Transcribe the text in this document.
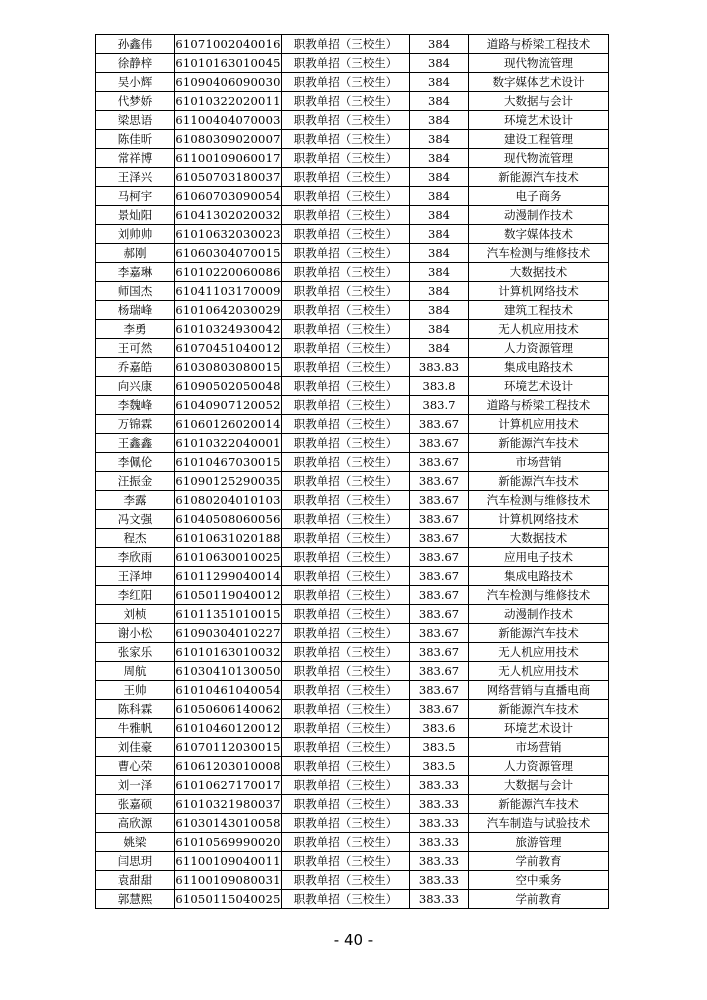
孙鑫伟	61071002040016	职教单招（三校生）	384	道路与桥梁工程技术
徐静梓	61010163010045	职教单招（三校生）	384	现代物流管理
吴小辉	61090406090030	职教单招（三校生）	384	数字媒体艺术设计
代梦娇	61010322020011	职教单招（三校生）	384	大数据与会计
梁思语	61100404070003	职教单招（三校生）	384	环境艺术设计
陈佳昕	61080309020007	职教单招（三校生）	384	建设工程管理
常祥博	61100109060017	职教单招（三校生）	384	现代物流管理
王泽兴	61050703180037	职教单招（三校生）	384	新能源汽车技术
马柯宇	61060703090054	职教单招（三校生）	384	电子商务
景灿阳	61041302020032	职教单招（三校生）	384	动漫制作技术
刘帅帅	61010632030023	职教单招（三校生）	384	数字媒体技术
郝刚	61060304070015	职教单招（三校生）	384	汽车检测与维修技术
李嘉琳	61010220060086	职教单招（三校生）	384	大数据技术
师国杰	61041103170009	职教单招（三校生）	384	计算机网络技术
杨瑞峰	61010642030029	职教单招（三校生）	384	建筑工程技术
李勇	61010324930042	职教单招（三校生）	384	无人机应用技术
王可然	61070451040012	职教单招（三校生）	384	人力资源管理
乔嘉皓	61030803080015	职教单招（三校生）	383.83	集成电路技术
向兴康	61090502050048	职教单招（三校生）	383.8	环境艺术设计
李魏峰	61040907120052	职教单招（三校生）	383.7	道路与桥梁工程技术
万锦霖	61060126020014	职教单招（三校生）	383.67	计算机应用技术
王鑫鑫	61010322040001	职教单招（三校生）	383.67	新能源汽车技术
李佩伦	61010467030015	职教单招（三校生）	383.67	市场营销
汪振金	61090125290035	职教单招（三校生）	383.67	新能源汽车技术
李露	61080204010103	职教单招（三校生）	383.67	汽车检测与维修技术
冯文强	61040508060056	职教单招（三校生）	383.67	计算机网络技术
程杰	61010631020188	职教单招（三校生）	383.67	大数据技术
李欣雨	61010630010025	职教单招（三校生）	383.67	应用电子技术
王泽坤	61011299040014	职教单招（三校生）	383.67	集成电路技术
李红阳	61050119040012	职教单招（三校生）	383.67	汽车检测与维修技术
刘桢	61011351010015	职教单招（三校生）	383.67	动漫制作技术
谢小松	61090304010227	职教单招（三校生）	383.67	新能源汽车技术
张家乐	61010163010032	职教单招（三校生）	383.67	无人机应用技术
周航	61030410130050	职教单招（三校生）	383.67	无人机应用技术
王帅	61010461040054	职教单招（三校生）	383.67	网络营销与直播电商
陈科霖	61050606140062	职教单招（三校生）	383.67	新能源汽车技术
牛雅帆	61010460120012	职教单招（三校生）	383.6	环境艺术设计
刘佳豪	61070112030015	职教单招（三校生）	383.5	市场营销
曹心荣	61061203010008	职教单招（三校生）	383.5	人力资源管理
刘一泽	61010627170017	职教单招（三校生）	383.33	大数据与会计
张嘉硕	61010321980037	职教单招（三校生）	383.33	新能源汽车技术
高欣源	61030143010058	职教单招（三校生）	383.33	汽车制造与试验技术
姚梁	61010569990020	职教单招（三校生）	383.33	旅游管理
闫思玥	61100109040011	职教单招（三校生）	383.33	学前教育
袁甜甜	61100109080031	职教单招（三校生）	383.33	空中乘务
郭慧熙	61050115040025	职教单招（三校生）	383.33	学前教育
- 40 -
